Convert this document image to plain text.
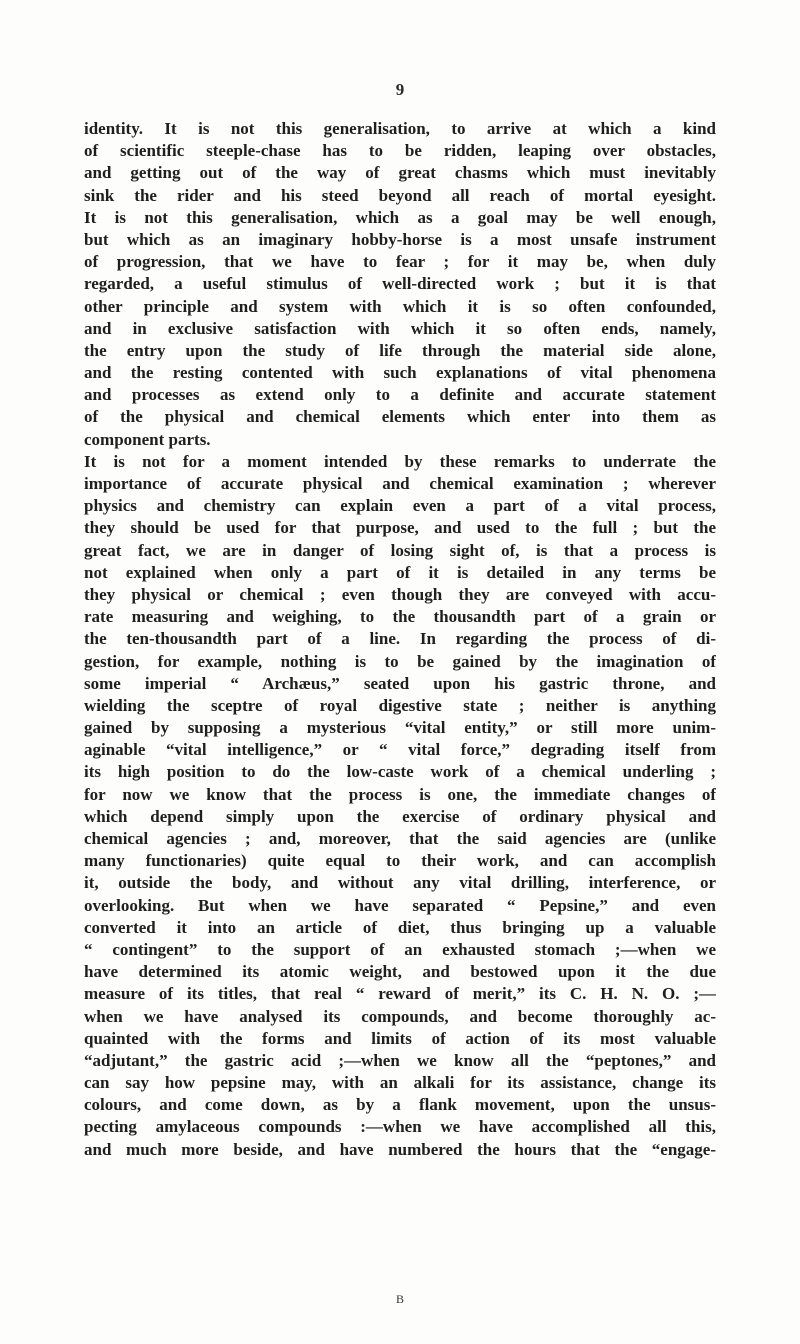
9
identity. It is not this generalisation, to arrive at which a kind
of scientific steeple-chase has to be ridden, leaping over obstacles,
and getting out of the way of great chasms which must inevitably
sink the rider and his steed beyond all reach of mortal eyesight.
It is not this generalisation, which as a goal may be well enough,
but which as an imaginary hobby-horse is a most unsafe instrument
of progression, that we have to fear ; for it may be, when duly
regarded, a useful stimulus of well-directed work ; but it is that
other principle and system with which it is so often confounded,
and in exclusive satisfaction with which it so often ends, namely,
the entry upon the study of life through the material side alone,
and the resting contented with such explanations of vital phenomena
and processes as extend only to a definite and accurate statement
of the physical and chemical elements which enter into them as
component parts.
It is not for a moment intended by these remarks to underrate the
importance of accurate physical and chemical examination ; wherever
physics and chemistry can explain even a part of a vital process,
they should be used for that purpose, and used to the full ; but the
great fact, we are in danger of losing sight of, is that a process is
not explained when only a part of it is detailed in any terms be
they physical or chemical ; even though they are conveyed with accu-
rate measuring and weighing, to the thousandth part of a grain or
the ten-thousandth part of a line. In regarding the process of di-
gestion, for example, nothing is to be gained by the imagination of
some imperial “ Archæus,” seated upon his gastric throne, and
wielding the sceptre of royal digestive state ; neither is anything
gained by supposing a mysterious “vital entity,” or still more unim-
aginable “vital intelligence,” or “ vital force,” degrading itself from
its high position to do the low-caste work of a chemical underling ;
for now we know that the process is one, the immediate changes of
which depend simply upon the exercise of ordinary physical and
chemical agencies ; and, moreover, that the said agencies are (unlike
many functionaries) quite equal to their work, and can accomplish
it, outside the body, and without any vital drilling, interference, or
overlooking. But when we have separated “ Pepsine,” and even
converted it into an article of diet, thus bringing up a valuable
“ contingent” to the support of an exhausted stomach ;—when we
have determined its atomic weight, and bestowed upon it the due
measure of its titles, that real “ reward of merit,” its C. H. N. O. ;—
when we have analysed its compounds, and become thoroughly ac-
quainted with the forms and limits of action of its most valuable
“adjutant,” the gastric acid ;—when we know all the “peptones,” and
can say how pepsine may, with an alkali for its assistance, change its
colours, and come down, as by a flank movement, upon the unsus-
pecting amylaceous compounds :—when we have accomplished all this,
and much more beside, and have numbered the hours that the “engage-
B
